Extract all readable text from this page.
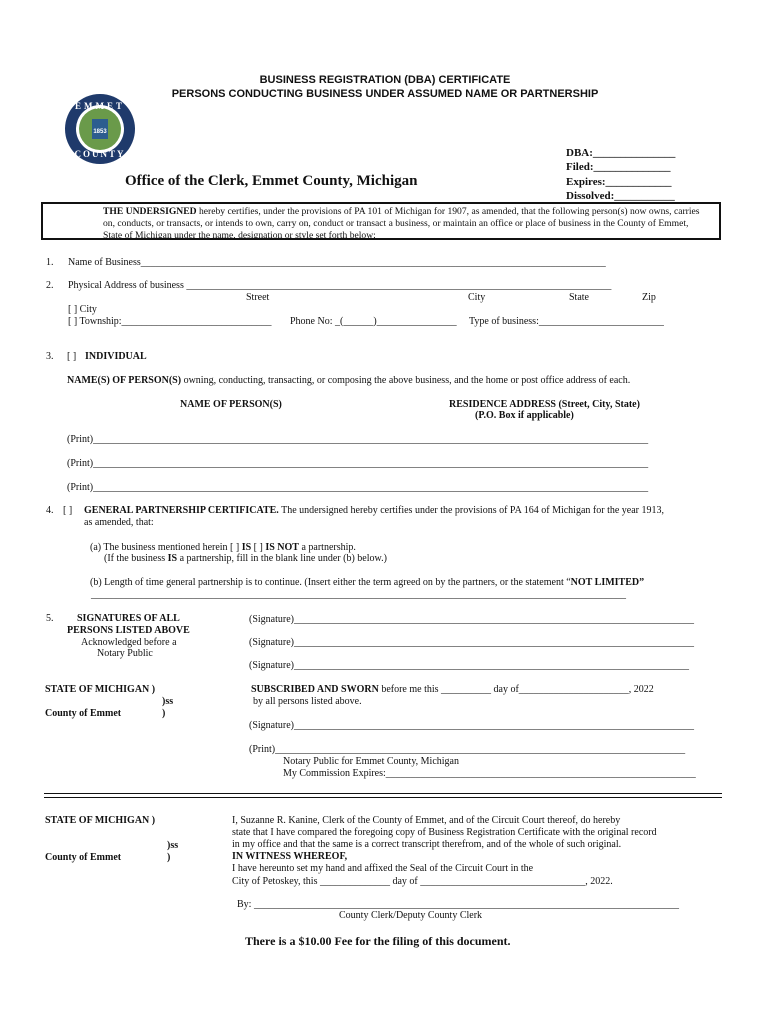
BUSINESS REGISTRATION (DBA) CERTIFICATE
PERSONS CONDUCTING BUSINESS UNDER ASSUMED NAME OR PARTNERSHIP
EMMET
COUNTY
1853
Office of the Clerk, Emmet County, Michigan
DBA:_______________
Filed:______________
Expires:____________
Dissolved:___________
THE UNDERSIGNED hereby certifies, under the provisions of PA 101 of Michigan for 1907, as amended, that the following person(s) now owns, carries on, conducts, or transacts, or intends to own, carry on, conduct or transact a business, or maintain an office or place of business in the County of Emmet, State of Michigan under the name, designation or style set forth below:
1. Name of Business_____________________________________________________________________________________________
2. Physical Address of business _____________________________________________________________________________________
Street	City	State	Zip
[ ] City
[ ] Township:______________________________ Phone No: _(______)________________ Type of business:_________________________
3. [ ] INDIVIDUAL
NAME(S) OF PERSON(S) owning, conducting, transacting, or composing the above business, and the home or post office address of each.
NAME OF PERSON(S)	RESIDENCE ADDRESS (Street, City, State)
(P.O. Box if applicable)
(Print)_______________________________________________________________________________________________________________
(Print)_______________________________________________________________________________________________________________
(Print)_______________________________________________________________________________________________________________
4. [ ] GENERAL PARTNERSHIP CERTIFICATE. The undersigned hereby certifies under the provisions of PA 164 of Michigan for the year 1913,
as amended, that:
(a) The business mentioned herein [ ] IS [ ] IS NOT a partnership.
(If the business IS a partnership, fill in the blank line under (b) below.)
(b) Length of time general partnership is to continue. (Insert either the term agreed on by the partners, or the statement “NOT LIMITED”
___________________________________________________________________________________________________________
5. SIGNATURES OF ALL
PERSONS LISTED ABOVE
Acknowledged before a
Notary Public
(Signature)________________________________________________________________________________
(Signature)________________________________________________________________________________
(Signature)_______________________________________________________________________________
STATE OF MICHIGAN )
)ss
County of Emmet	)
SUBSCRIBED AND SWORN before me this __________ day of______________________, 2022
by all persons listed above.
(Signature)________________________________________________________________________________
(Print)__________________________________________________________________________________
Notary Public for Emmet County, Michigan
My Commission Expires:______________________________________________________________
STATE OF MICHIGAN )
)ss
County of Emmet	)
I, Suzanne R. Kanine, Clerk of the County of Emmet, and of the Circuit Court thereof, do hereby
state that I have compared the foregoing copy of Business Registration Certificate with the original record
in my office and that the same is a correct transcript therefrom, and of the whole of such original.
IN WITNESS WHEREOF,
I have hereunto set my hand and affixed the Seal of the Circuit Court in the
City of Petoskey, this ______________ day of _________________________________, 2022.
By: _____________________________________________________________________________________
County Clerk/Deputy County Clerk
There is a $10.00 Fee for the filing of this document.
